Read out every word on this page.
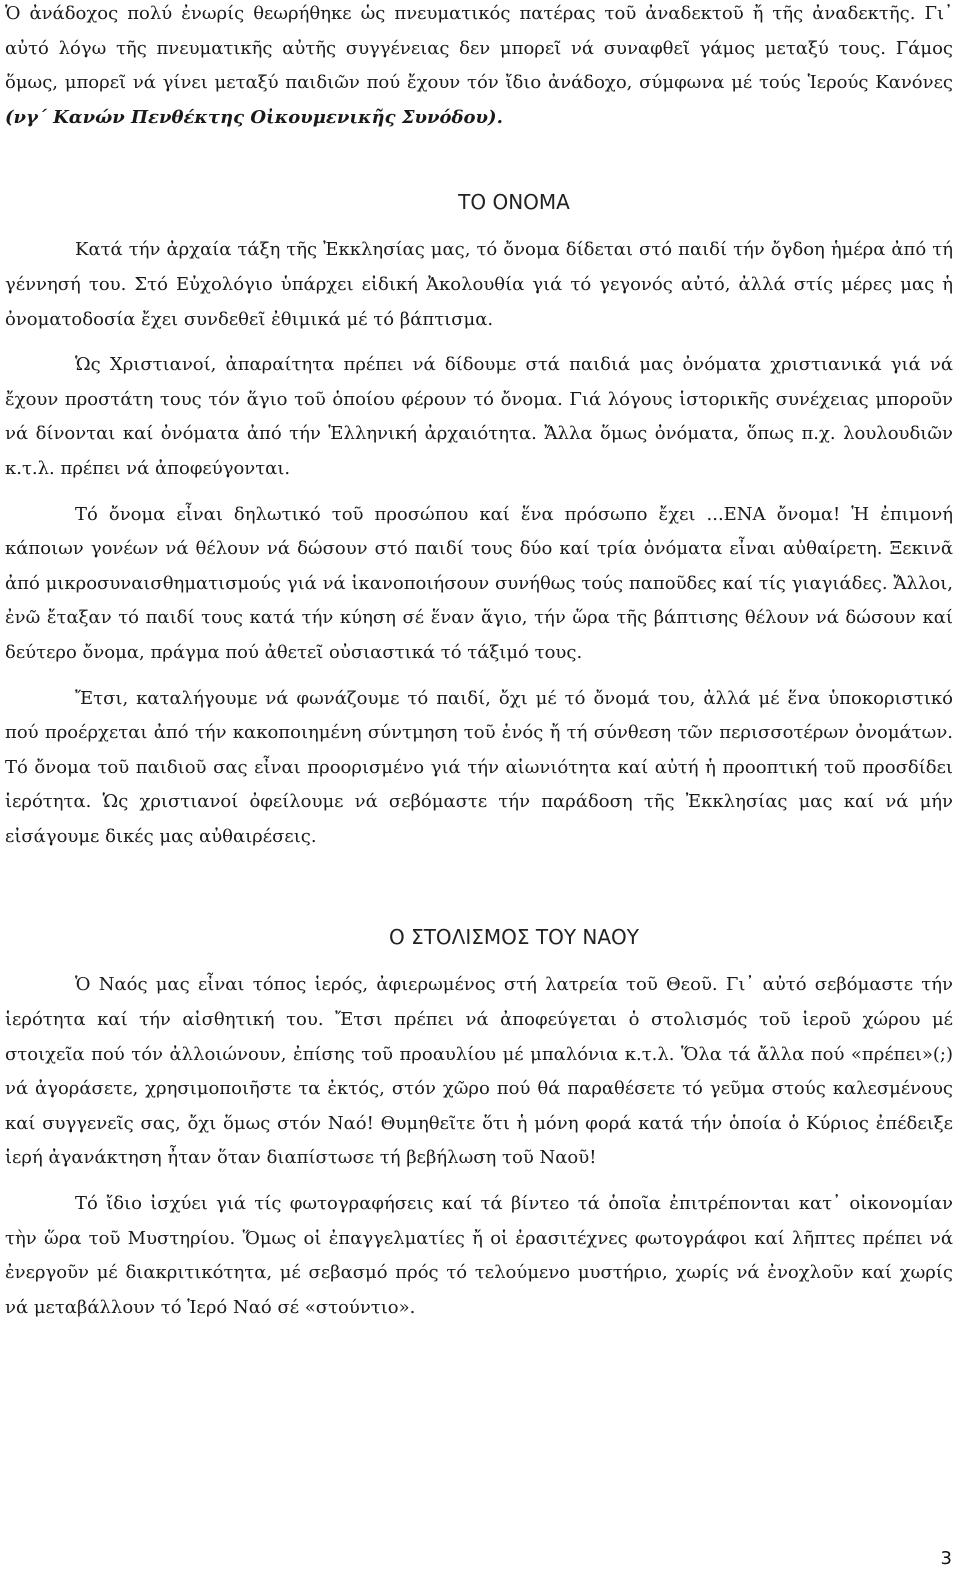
Ὁ ἀνάδοχος πολύ ἐνωρίς θεωρήθηκε ὡς πνευματικός πατέρας τοῦ ἀναδεκτοῦ ἤ τῆς ἀναδεκτῆς. Γι᾽ αὐτό λόγω τῆς πνευματικῆς αὐτῆς συγγένειας δεν μπορεῖ νά συναφθεῖ γάμος μεταξύ τους. Γάμος ὅμως, μπορεῖ νά γίνει μεταξύ παιδιῶν πού ἔχουν τόν ἴδιο ἀνάδοχο, σύμφωνα μέ τούς Ἱερούς Κανόνες (νγ´ Κανών Πενθέκτης Οἰκουμενικῆς Συνόδου).

ΤΟ ΟΝΟΜΑ

Κατά τήν ἀρχαία τάξη τῆς Ἐκκλησίας μας, τό ὄνομα δίδεται στό παιδί τήν ὄγδοη ἡμέρα ἀπό τή γέννησή του. Στό Εὐχολόγιο ὑπάρχει εἰδική Ἀκολουθία γιά τό γεγονός αὐτό, ἀλλά στίς μέρες μας ἡ ὀνοματοδοσία ἔχει συνδεθεῖ ἐθιμικά μέ τό βάπτισμα.

Ὡς Χριστιανοί, ἀπαραίτητα πρέπει νά δίδουμε στά παιδιά μας ὀνόματα χριστιανικά γιά νά ἔχουν προστάτη τους τόν ἅγιο τοῦ ὁποίου φέρουν τό ὄνομα. Γιά λόγους ἱστορικῆς συνέχειας μποροῦν νά δίνονται καί ὀνόματα ἀπό τήν Ἑλληνική ἀρχαιότητα. Ἄλλα ὅμως ὀνόματα, ὅπως π.χ. λουλουδιῶν κ.τ.λ. πρέπει νά ἀποφεύγονται.

Τό ὄνομα εἶναι δηλωτικό τοῦ προσώπου καί ἕνα πρόσωπο ἔχει ...ΕΝΑ ὄνομα! Ἡ ἐπιμονή κάποιων γονέων νά θέλουν νά δώσουν στό παιδί τους δύο καί τρία ὀνόματα εἶναι αὐθαίρετη. Ξεκινᾶ ἀπό μικροσυναισθηματισμούς γιά νά ἱκανοποιήσουν συνήθως τούς παποῦδες καί τίς γιαγιάδες. Ἄλλοι, ἐνῶ ἔταξαν τό παιδί τους κατά τήν κύηση σέ ἕναν ἅγιο, τήν ὥρα τῆς βάπτισης θέλουν νά δώσουν καί δεύτερο ὄνομα, πράγμα πού ἀθετεῖ οὐσιαστικά τό τάξιμό τους.

Ἔτσι, καταλήγουμε νά φωνάζουμε τό παιδί, ὄχι μέ τό ὄνομά του, ἀλλά μέ ἕνα ὑποκοριστικό πού προέρχεται ἀπό τήν κακοποιημένη σύντμηση τοῦ ἑνός ἤ τή σύνθεση τῶν περισσοτέρων ὀνομάτων. Τό ὄνομα τοῦ παιδιοῦ σας εἶναι προορισμένο γιά τήν αἰωνιότητα καί αὐτή ἡ προοπτική τοῦ προσδίδει ἱερότητα. Ὡς χριστιανοί ὀφείλουμε νά σεβόμαστε τήν παράδοση τῆς Ἐκκλησίας μας καί νά μήν εἰσάγουμε δικές μας αὐθαιρέσεις.

Ο ΣΤΟΛΙΣΜΟΣ ΤΟΥ ΝΑΟΥ

Ὁ Ναός μας εἶναι τόπος ἱερός, ἀφιερωμένος στή λατρεία τοῦ Θεοῦ. Γι᾽ αὐτό σεβόμαστε τήν ἱερότητα καί τήν αἰσθητική του. Ἔτσι πρέπει νά ἀποφεύγεται ὁ στολισμός τοῦ ἱεροῦ χώρου μέ στοιχεῖα πού τόν ἀλλοιώνουν, ἐπίσης τοῦ προαυλίου μέ μπαλόνια κ.τ.λ. Ὅλα τά ἄλλα πού «πρέπει»(;) νά ἀγοράσετε, χρησιμοποιῆστε τα ἐκτός, στόν χῶρο πού θά παραθέσετε τό γεῦμα στούς καλεσμένους καί συγγενεῖς σας, ὄχι ὅμως στόν Ναό! Θυμηθεῖτε ὅτι ἡ μόνη φορά κατά τήν ὁποία ὁ Κύριος ἐπέδειξε ἱερή ἀγανάκτηση ἦταν ὅταν διαπίστωσε τή βεβήλωση τοῦ Ναοῦ!

Τό ἴδιο ἰσχύει γιά τίς φωτογραφήσεις καί τά βίντεο τά ὁποῖα ἐπιτρέπονται κατ᾽ οἰκονομίαν τὴν ὥρα τοῦ Μυστηρίου. Ὅμως οἱ ἐπαγγελματίες ἤ οἱ ἐρασιτέχνες φωτογράφοι καί λῆπτες πρέπει νά ἐνεργοῦν μέ διακριτικότητα, μέ σεβασμό πρός τό τελούμενο μυστήριο, χωρίς νά ἐνοχλοῦν καί χωρίς νά μεταβάλλουν τό Ἱερό Ναό σέ «στούντιο».

3
